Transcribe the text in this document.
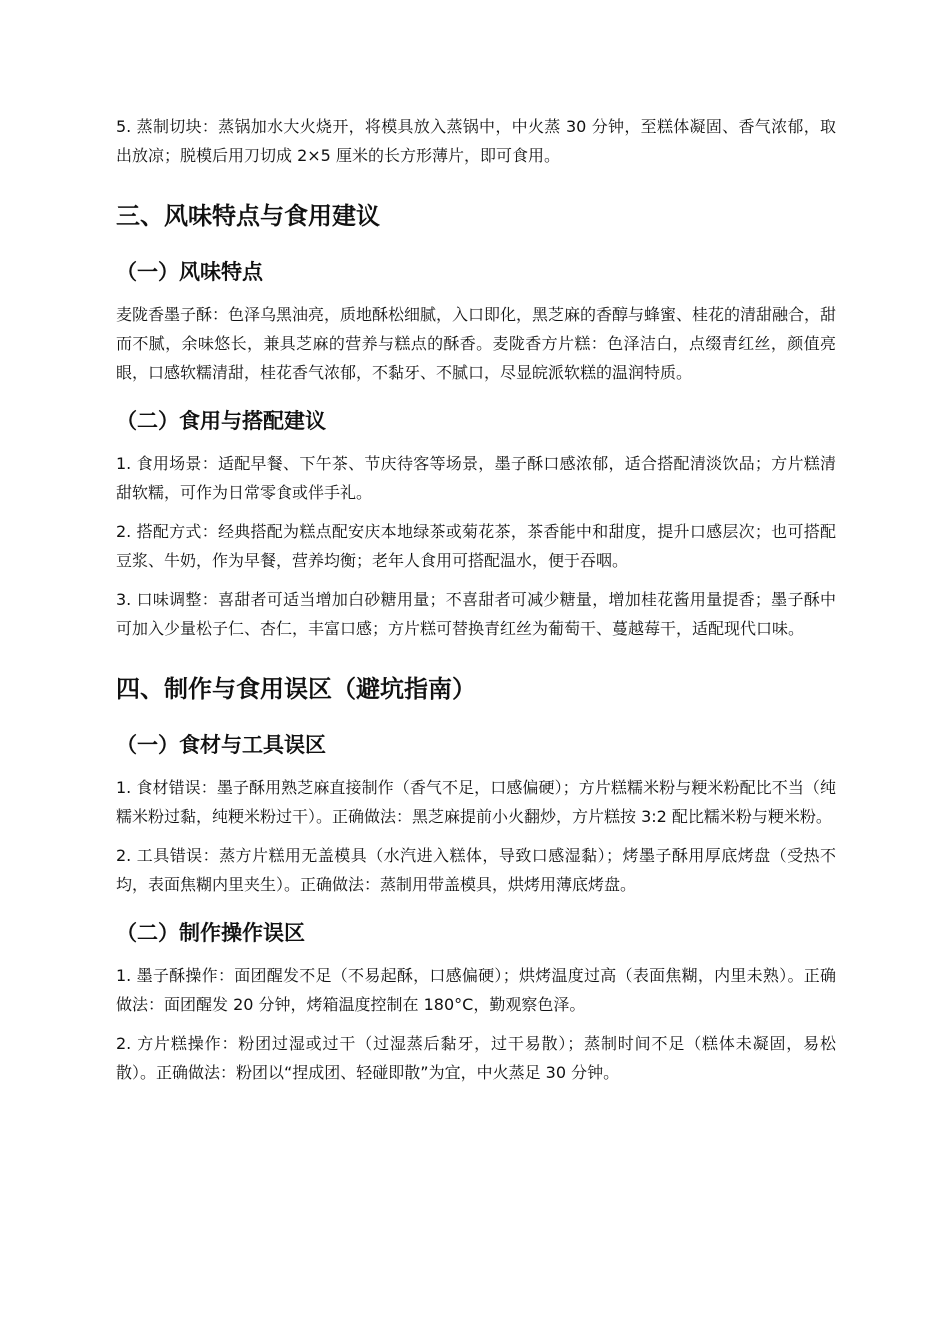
5. 蒸制切块：蒸锅加水大火烧开，将模具放入蒸锅中，中火蒸 30 分钟，至糕体凝固、香气浓郁，取出放凉；脱模后用刀切成 2×5 厘米的长方形薄片，即可食用。

三、风味特点与食用建议
（一）风味特点

麦陇香墨子酥：色泽乌黑油亮，质地酥松细腻，入口即化，黑芝麻的香醇与蜂蜜、桂花的清甜融合，甜而不腻，余味悠长，兼具芝麻的营养与糕点的酥香。麦陇香方片糕：色泽洁白，点缀青红丝，颜值亮眼，口感软糯清甜，桂花香气浓郁，不黏牙、不腻口，尽显皖派软糕的温润特质。

（二）食用与搭配建议

1. 食用场景：适配早餐、下午茶、节庆待客等场景，墨子酥口感浓郁，适合搭配清淡饮品；方片糕清甜软糯，可作为日常零食或伴手礼。

2. 搭配方式：经典搭配为糕点配安庆本地绿茶或菊花茶，茶香能中和甜度，提升口感层次；也可搭配豆浆、牛奶，作为早餐，营养均衡；老年人食用可搭配温水，便于吞咽。

3. 口味调整：喜甜者可适当增加白砂糖用量；不喜甜者可减少糖量，增加桂花酱用量提香；墨子酥中可加入少量松子仁、杏仁，丰富口感；方片糕可替换青红丝为葡萄干、蔓越莓干，适配现代口味。

四、制作与食用误区（避坑指南）
（一）食材与工具误区

1. 食材错误：墨子酥用熟芝麻直接制作（香气不足，口感偏硬）；方片糕糯米粉与粳米粉配比不当（纯糯米粉过黏，纯粳米粉过干）。正确做法：黑芝麻提前小火翻炒，方片糕按 3:2 配比糯米粉与粳米粉。

2. 工具错误：蒸方片糕用无盖模具（水汽进入糕体，导致口感湿黏）；烤墨子酥用厚底烤盘（受热不均，表面焦糊内里夹生）。正确做法：蒸制用带盖模具，烘烤用薄底烤盘。

（二）制作操作误区

1. 墨子酥操作：面团醒发不足（不易起酥，口感偏硬）；烘烤温度过高（表面焦糊，内里未熟）。正确做法：面团醒发 20 分钟，烤箱温度控制在 180°C，勤观察色泽。

2. 方片糕操作：粉团过湿或过干（过湿蒸后黏牙，过干易散）；蒸制时间不足（糕体未凝固，易松散）。正确做法：粉团以“捏成团、轻碰即散”为宜，中火蒸足 30 分钟。
